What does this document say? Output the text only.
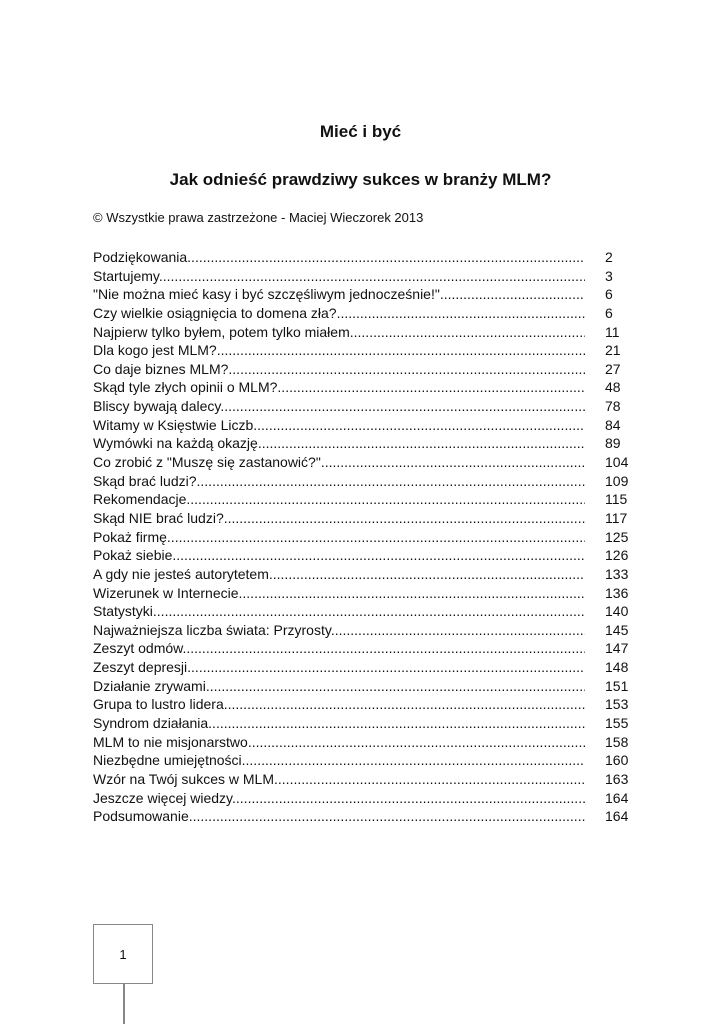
Mieć i być
Jak odnieść prawdziwy sukces w branży MLM?

© Wszystkie prawa zastrzeżone - Maciej Wieczorek 2013

Podziękowania .....	2
Startujemy .....	3
"Nie można mieć kasy i być szczęśliwym jednocześnie!" .....	6
Czy wielkie osiągnięcia to domena zła? .....	6
Najpierw tylko byłem, potem tylko miałem .....	11
Dla kogo jest MLM? .....	21
Co daje biznes MLM? .....	27
Skąd tyle złych opinii o MLM? .....	48
Bliscy bywają dalecy .....	78
Witamy w Księstwie Liczb .....	84
Wymówki na każdą okazję .....	89
Co zrobić z "Muszę się zastanowić?" .....	104
Skąd brać ludzi? .....	109
Rekomendacje .....	115
Skąd NIE brać ludzi? .....	117
Pokaż firmę .....	125
Pokaż siebie .....	126
A gdy nie jesteś autorytetem .....	133
Wizerunek w Internecie .....	136
Statystyki .....	140
Najważniejsza liczba świata: Przyrosty .....	145
Zeszyt odmów .....	147
Zeszyt depresji .....	148
Działanie zrywami .....	151
Grupa to lustro lidera .....	153
Syndrom działania .....	155
MLM to nie misjonarstwo .....	158
Niezbędne umiejętności .....	160
Wzór na Twój sukces w MLM .....	163
Jeszcze więcej wiedzy .....	164
Podsumowanie .....	164
1
